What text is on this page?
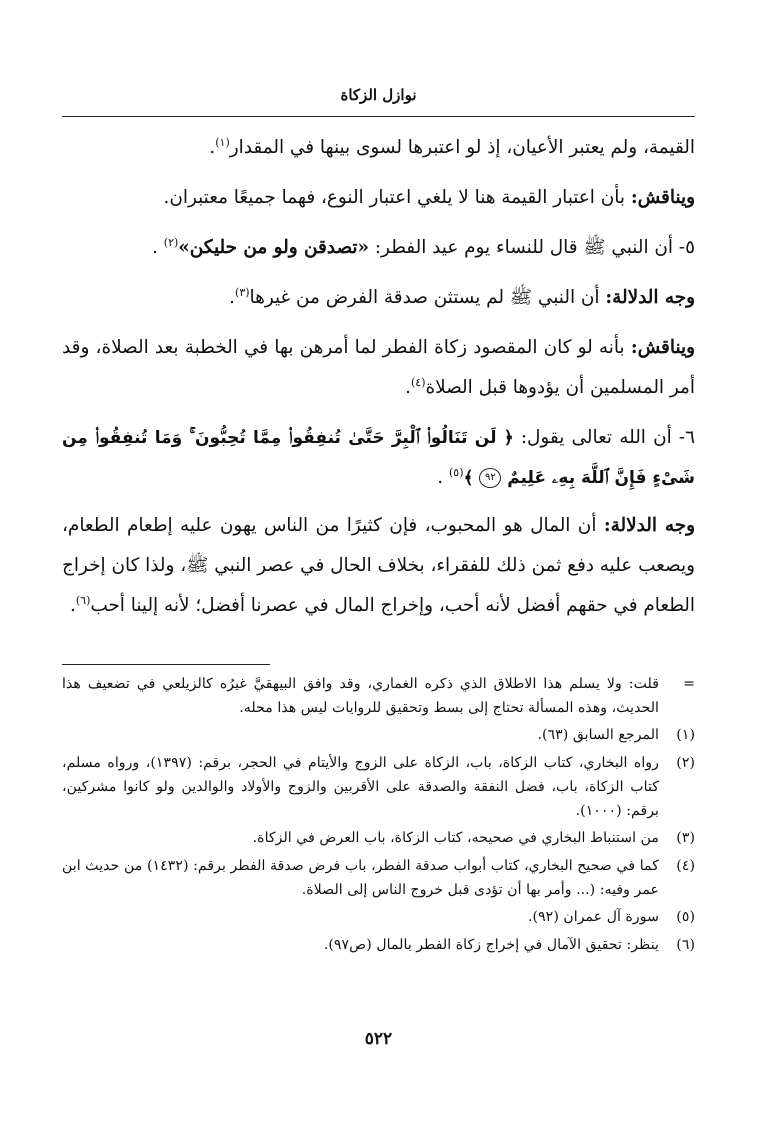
نوازل الزكاة

القيمة، ولم يعتبر الأعيان، إذ لو اعتبرها لسوى بينها في المقدار$^{(١)}$.

ويناقش: بأن اعتبار القيمة هنا لا يلغي اعتبار النوع، فهما جميعًا معتبران.

٥- أن النبي ﷺ قال للنساء يوم عيد الفطر: «تصدقن ولو من حليكن»$^{(٢)}$ .

وجه الدلالة: أن النبي ﷺ لم يستثن صدقة الفرض من غيرها$^{(٣)}$.

ويناقش: بأنه لو كان المقصود زكاة الفطر لما أمرهن بها في الخطبة بعد الصلاة، وقد أمر المسلمين أن يؤدوها قبل الصلاة$^{(٤)}$.

٦- أن الله تعالى يقول: ﴿ لَن تَنَالُوا۟ ٱلْبِرَّ حَتَّىٰ تُنفِقُوا۟ مِمَّا تُحِبُّونَ ۚ وَمَا تُنفِقُوا۟ مِن شَىْءٍ فَإِنَّ ٱللَّهَ بِهِۦ عَلِيمٌ ٩٢ ﴾$^{(٥)}$ .

وجه الدلالة: أن المال هو المحبوب، فإن كثيرًا من الناس يهون عليه إطعام الطعام، ويصعب عليه دفع ثمن ذلك للفقراء، بخلاف الحال في عصر النبي ﷺ، ولذا كان إخراج الطعام في حقهم أفضل لأنه أحب، وإخراج المال في عصرنا أفضل؛ لأنه إلينا أحب$^{(٦)}$.

=
قلت: ولا يسلم هذا الاطلاق الذي ذكره الغماري، وقد وافق البيهقيَّ غيرُه كالزيلعي في تضعيف هذا الحديث، وهذه المسألة تحتاج إلى بسط وتحقيق للروايات ليس هذا محله.
(١)
المرجع السابق (٦٣).
(٢)
رواه البخاري، كتاب الزكاة، باب، الزكاة على الزوج والأيتام في الحجر، برقم: (١٣٩٧)، ورواه مسلم، كتاب الزكاة، باب، فضل النفقة والصدقة على الأقربين والزوج والأولاد والوالدين ولو كانوا مشركين، برقم: (١٠٠٠).
(٣)
من استنباط البخاري في صحيحه، كتاب الزكاة، باب العرض في الزكاة.
(٤)
كما في صحيح البخاري، كتاب أبواب صدقة الفطر، باب فرض صدقة الفطر برقم: (١٤٣٢) من حديث ابن عمر وفيه: (... وأمر بها أن تؤدى قبل خروج الناس إلى الصلاة.
(٥)
سورة آل عمران (٩٢).
(٦)
ينظر: تحقيق الآمال في إخراج زكاة الفطر بالمال (ص٩٧).
٥٢٢
